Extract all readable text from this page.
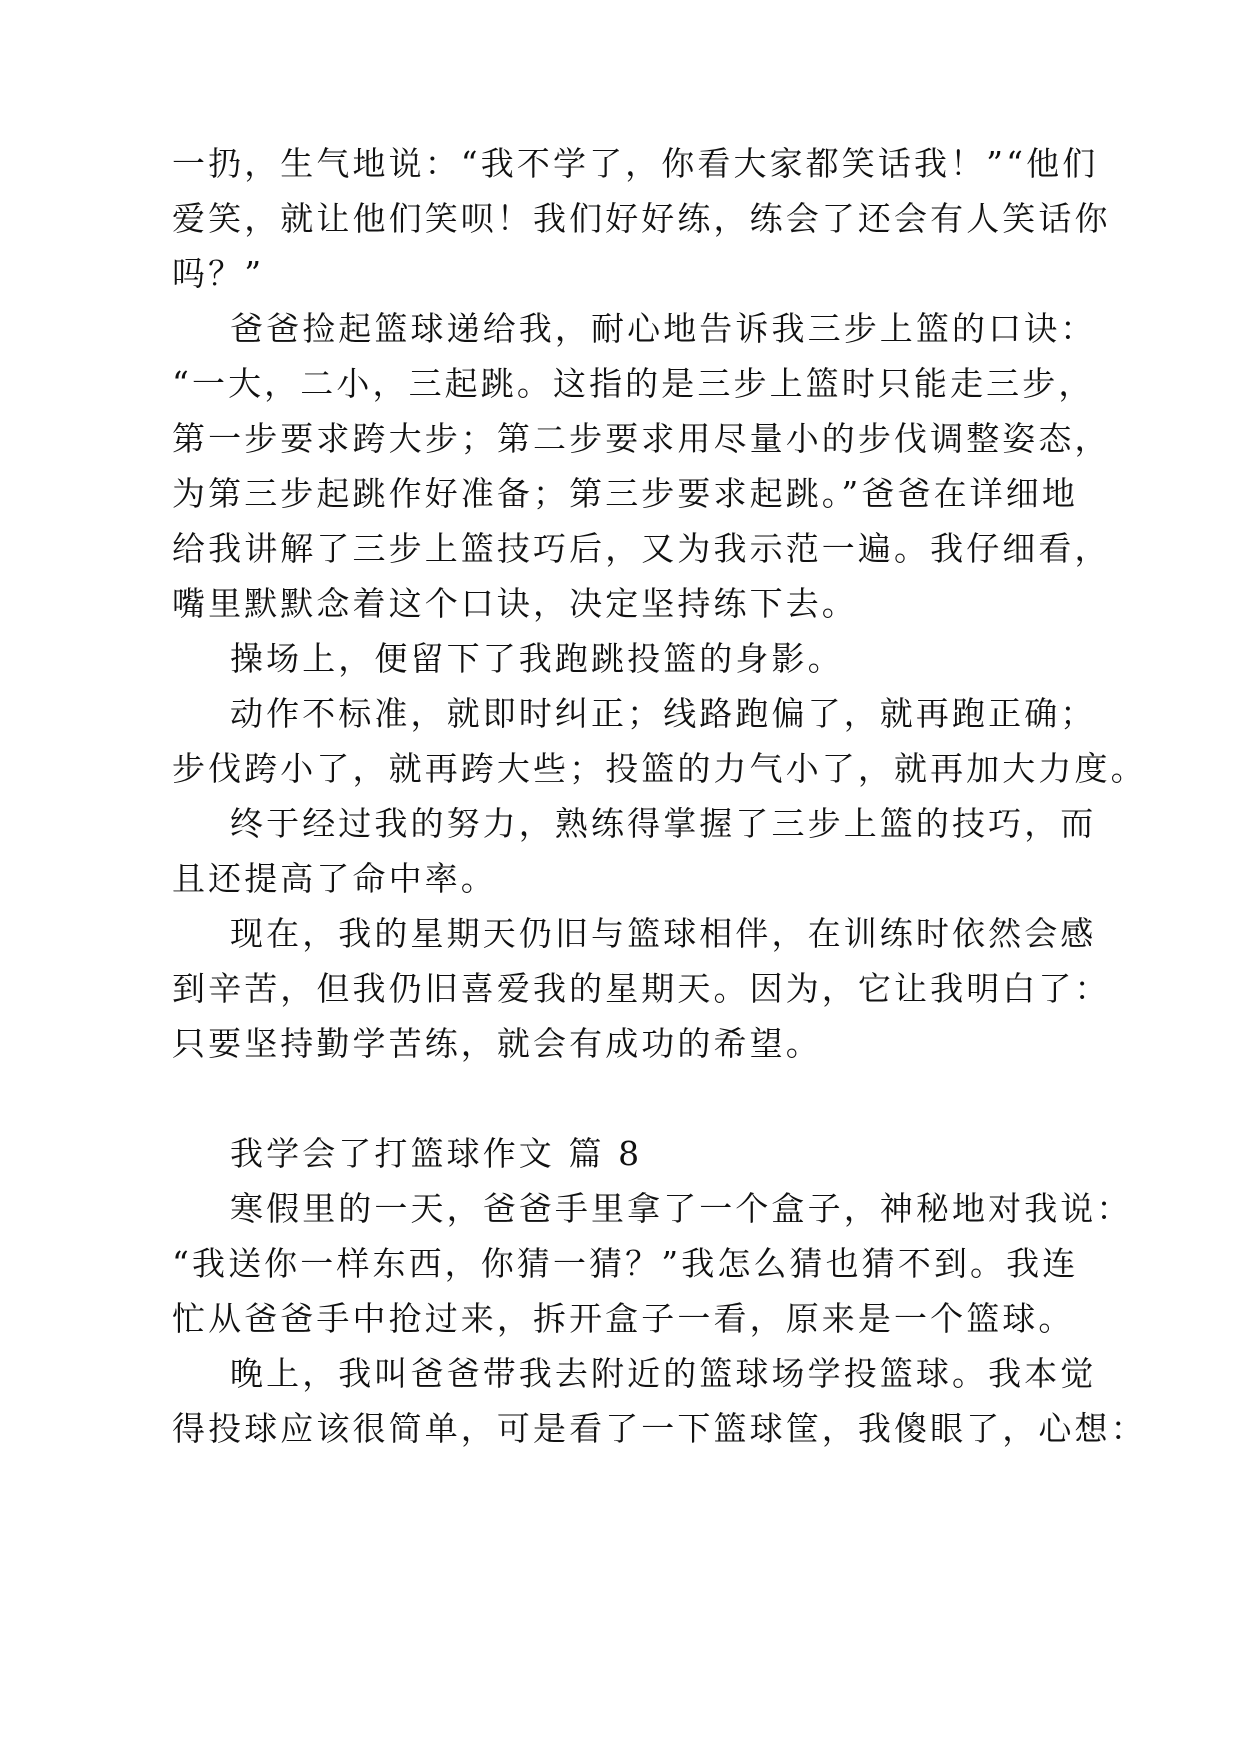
一扔，生气地说：“我不学了，你看大家都笑话我！”“他们
爱笑，就让他们笑呗！我们好好练，练会了还会有人笑话你
吗？”
爸爸捡起篮球递给我，耐心地告诉我三步上篮的口诀：
“一大，二小，三起跳。这指的是三步上篮时只能走三步，
第一步要求跨大步；第二步要求用尽量小的步伐调整姿态，
为第三步起跳作好准备；第三步要求起跳。”爸爸在详细地
给我讲解了三步上篮技巧后，又为我示范一遍。我仔细看，
嘴里默默念着这个口诀，决定坚持练下去。
操场上，便留下了我跑跳投篮的身影。
动作不标准，就即时纠正；线路跑偏了，就再跑正确；
步伐跨小了，就再跨大些；投篮的力气小了，就再加大力度。
终于经过我的努力，熟练得掌握了三步上篮的技巧，而
且还提高了命中率。
现在，我的星期天仍旧与篮球相伴，在训练时依然会感
到辛苦，但我仍旧喜爱我的星期天。因为，它让我明白了：
只要坚持勤学苦练，就会有成功的希望。
我学会了打篮球作文 篇 8
寒假里的一天，爸爸手里拿了一个盒子，神秘地对我说：
“我送你一样东西，你猜一猜？”我怎么猜也猜不到。我连
忙从爸爸手中抢过来，拆开盒子一看，原来是一个篮球。
晚上，我叫爸爸带我去附近的篮球场学投篮球。我本觉
得投球应该很简单，可是看了一下篮球筐，我傻眼了，心想：
